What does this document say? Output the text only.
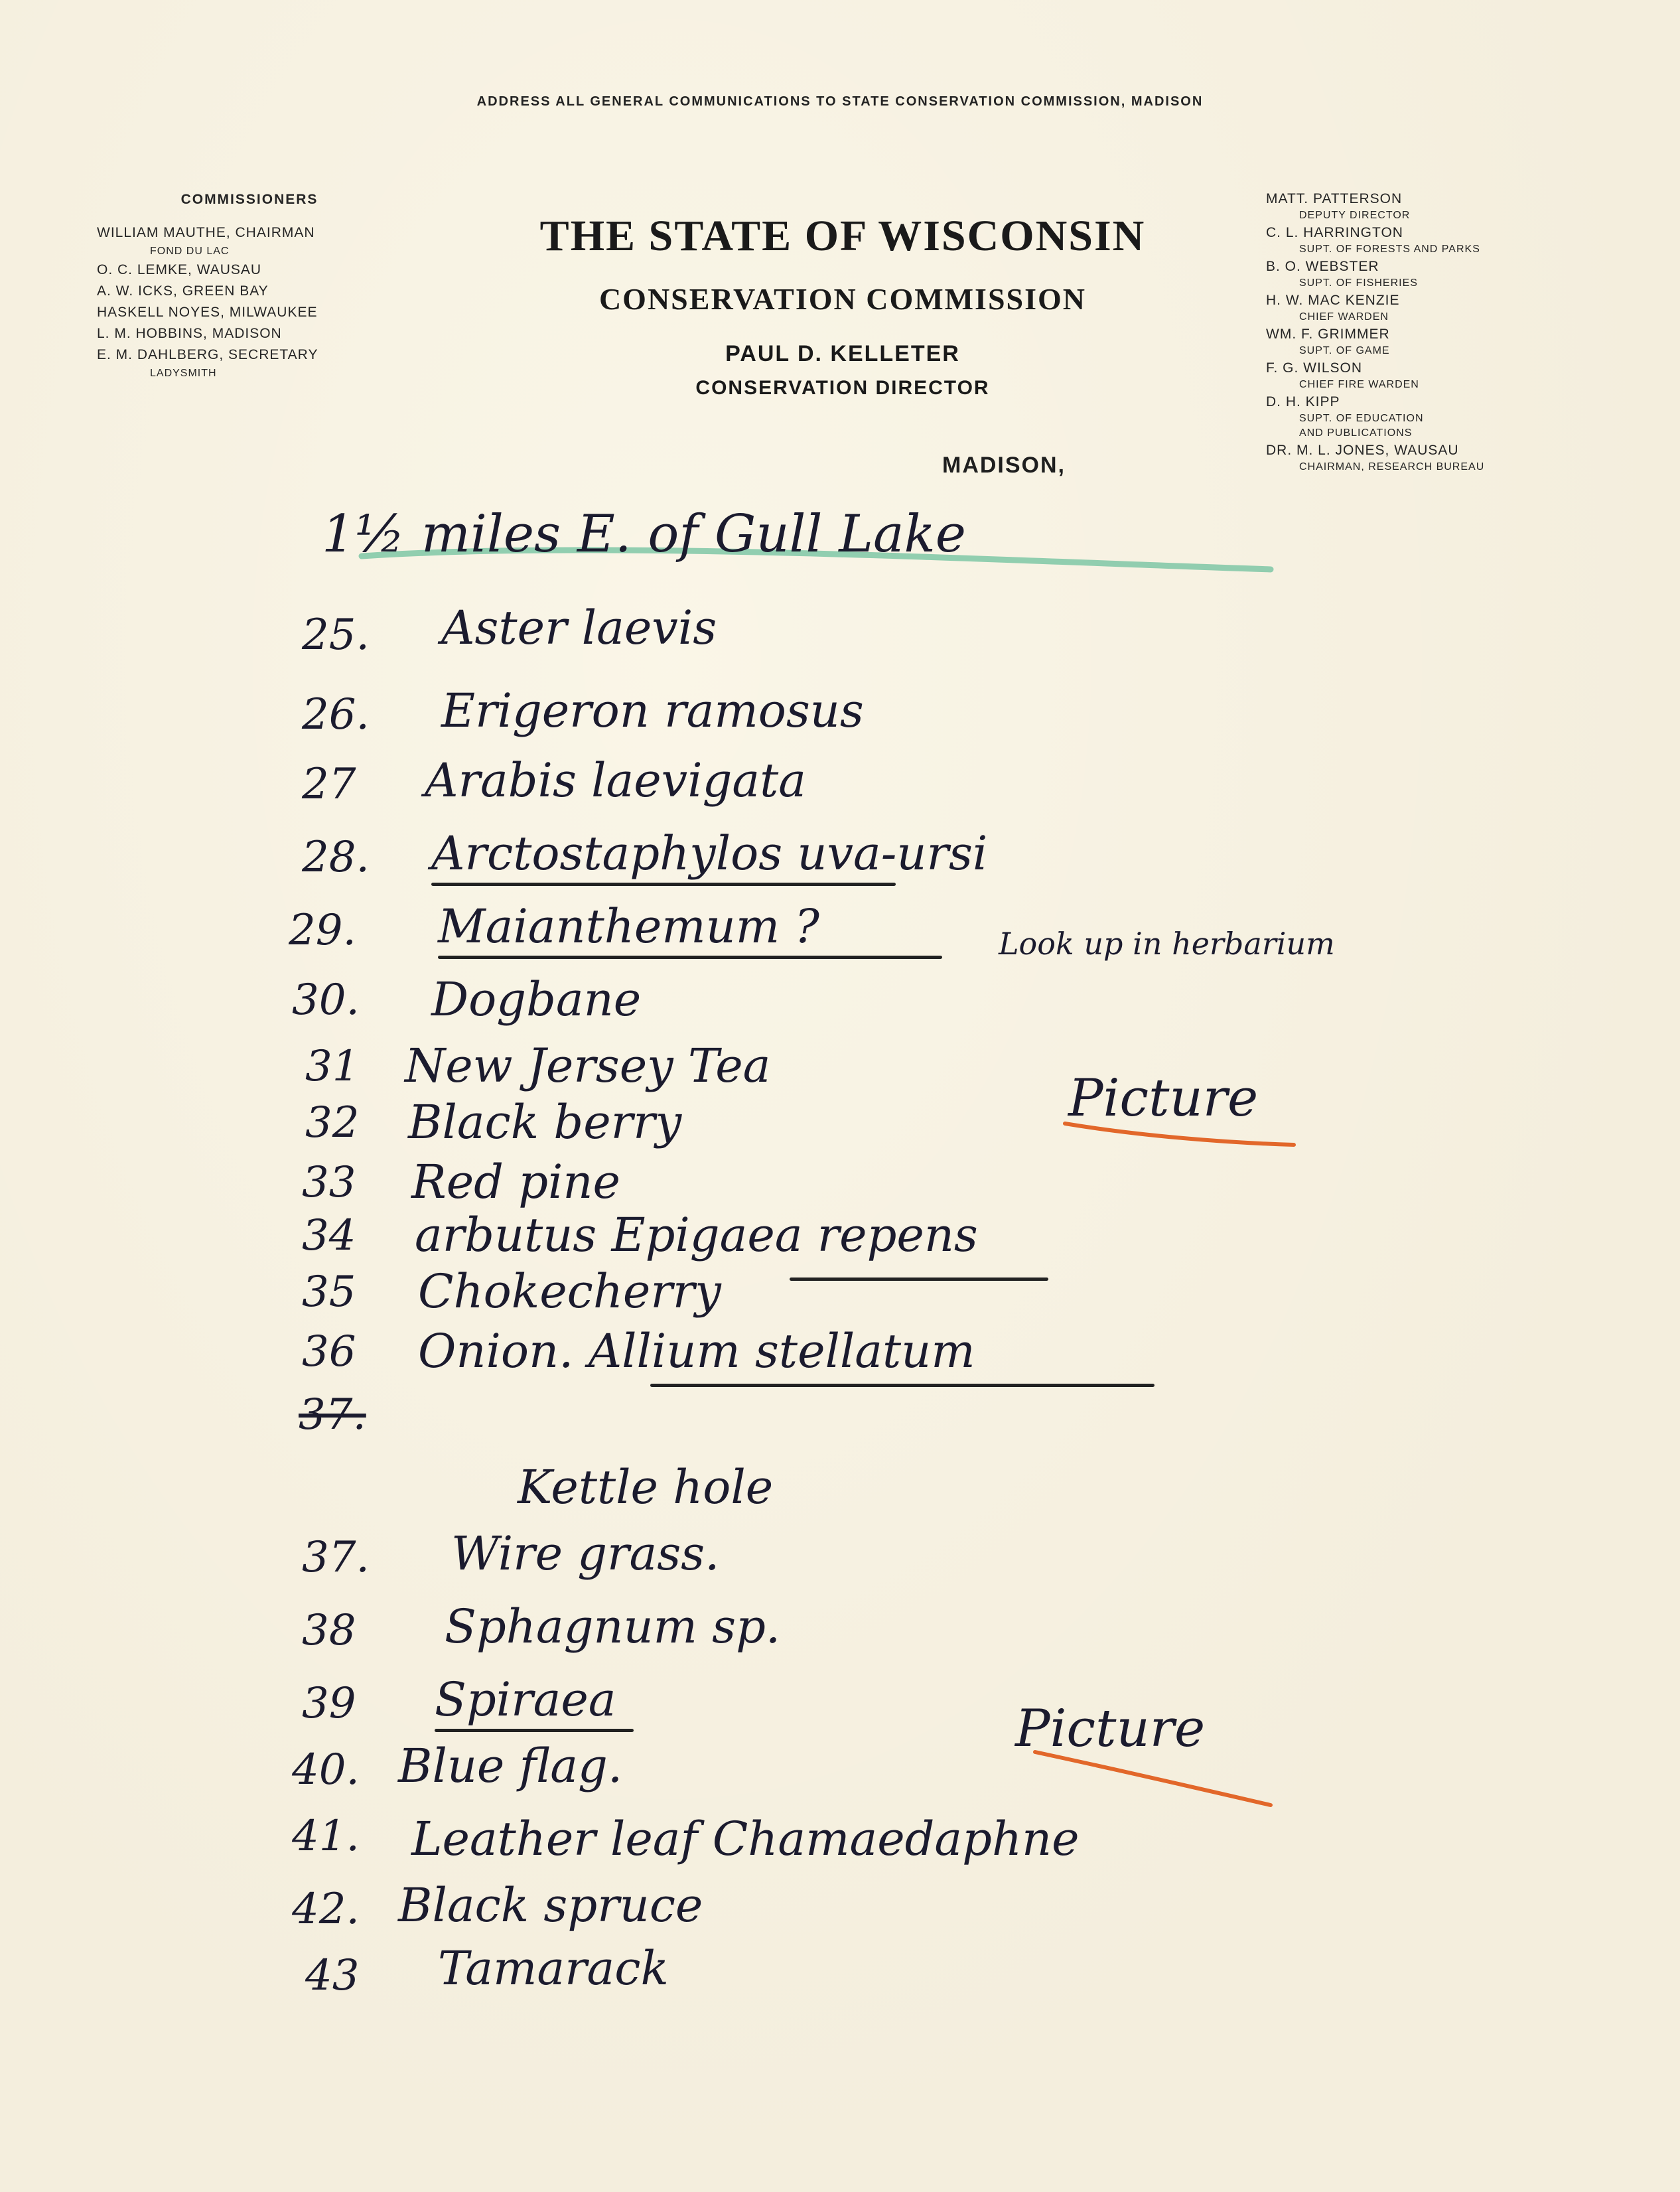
ADDRESS ALL GENERAL COMMUNICATIONS TO STATE CONSERVATION COMMISSION, MADISON
COMMISSIONERS
WILLIAM MAUTHE, CHAIRMAN
FOND DU LAC
O. C. LEMKE, WAUSAU
A. W. ICKS, GREEN BAY
HASKELL NOYES, MILWAUKEE
L. M. HOBBINS, MADISON
E. M. DAHLBERG, SECRETARY
LADYSMITH
THE STATE OF WISCONSIN
CONSERVATION COMMISSION
PAUL D. KELLETER
CONSERVATION DIRECTOR
MADISON,
MATT. PATTERSON
DEPUTY DIRECTOR
C. L. HARRINGTON
SUPT. OF FORESTS AND PARKS
B. O. WEBSTER
SUPT. OF FISHERIES
H. W. MAC KENZIE
CHIEF WARDEN
WM. F. GRIMMER
SUPT. OF GAME
F. G. WILSON
CHIEF FIRE WARDEN
D. H. KIPP
SUPT. OF EDUCATION
AND PUBLICATIONS
DR. M. L. JONES, WAUSAU
CHAIRMAN, RESEARCH BUREAU
1½ miles E. of Gull Lake
25. Aster laevis
26. Erigeron ramosus
27 Arabis laevigata
28. Arctostaphylos uva-ursi
29. Maianthemum ?	Look up in herbarium
30. Dogbane
31 New Jersey Tea
32 Black berry
33 Red pine
34 arbutus Epigaea repens
35 Chokecherry
36 Onion. Allium stellatum
37.
Picture
Kettle hole
37. Wire grass.
38 Sphagnum sp.
39 Spiraea	Picture
40. Blue flag.
41. Leather leaf Chamaedaphne
42. Black spruce
43 Tamarack
